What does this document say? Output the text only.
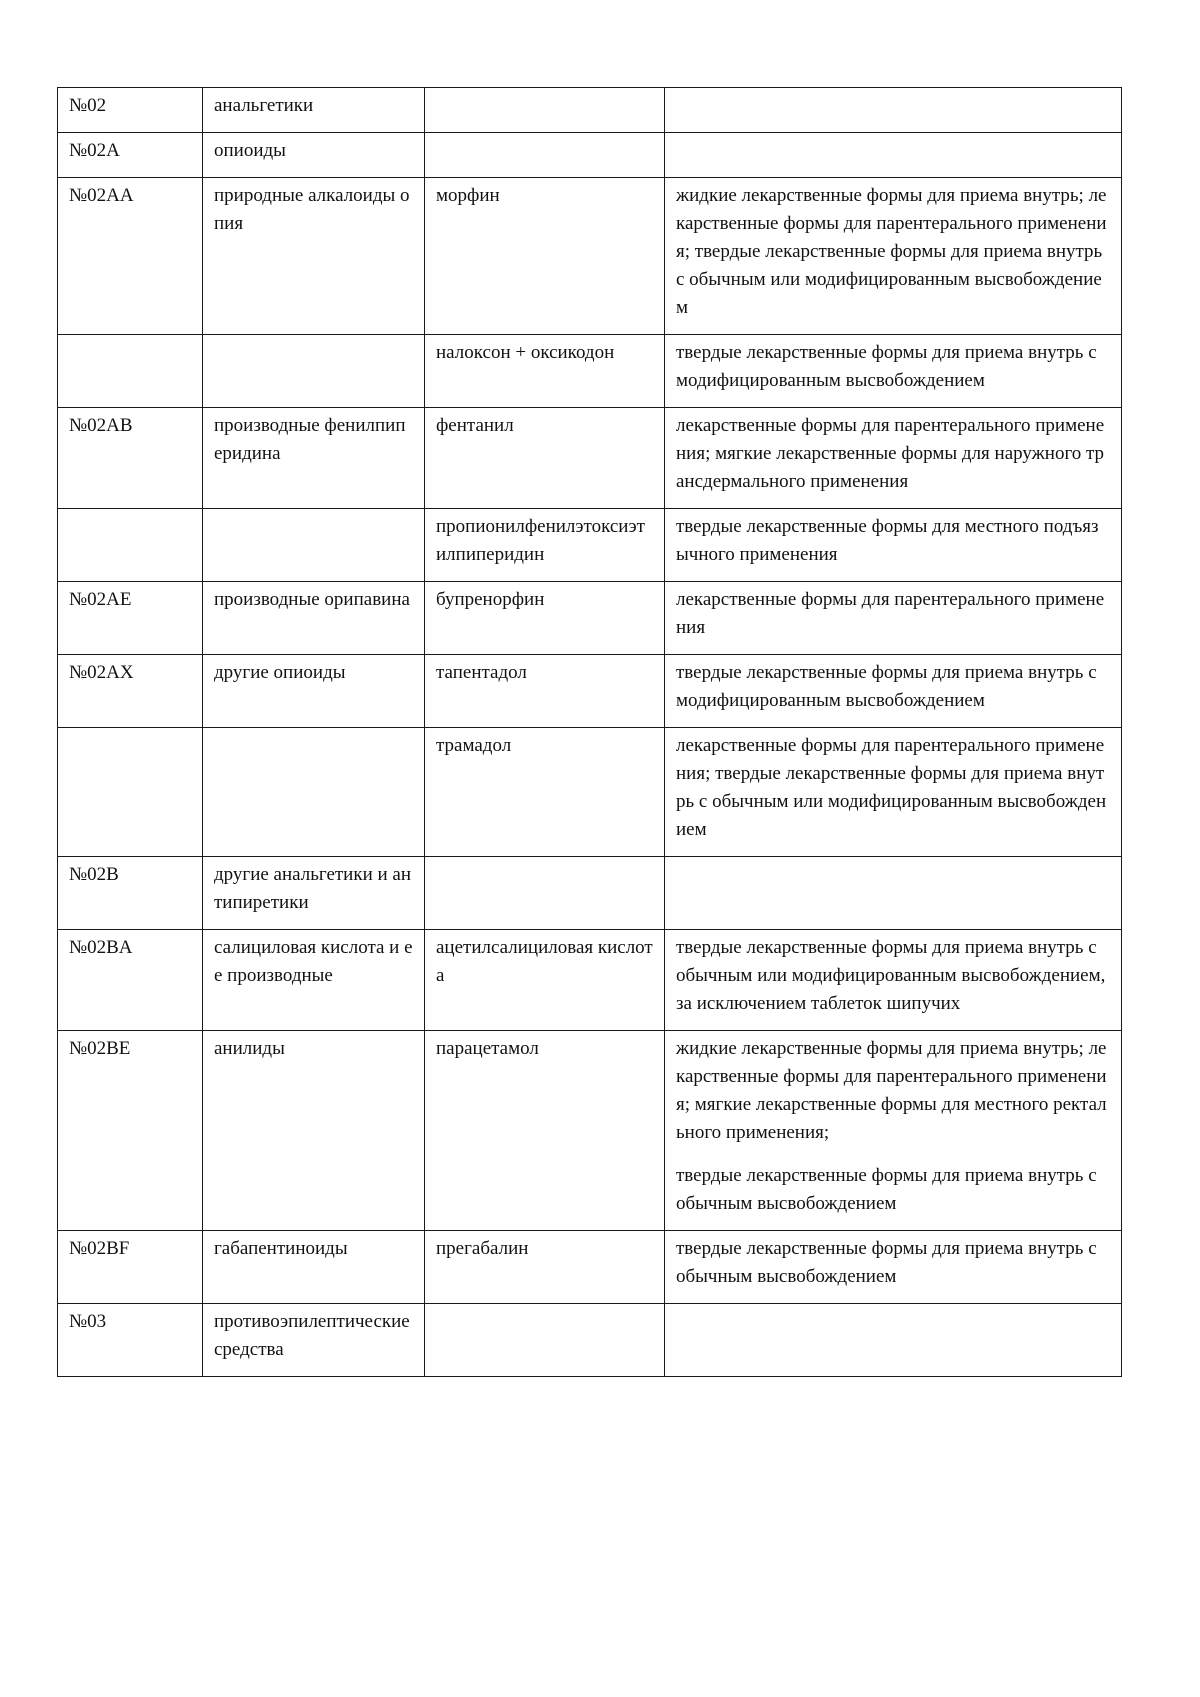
№02	анальгетики		
№02A	опиоиды		
№02AA	природные алкалоиды опия	морфин	жидкие лекарственные формы для приема внутрь; лекарственные формы для парентерального применения; твердые лекарственные формы для приема внутрь с обычным или модифицированным высвобождением

		налоксон + оксикодон	твердые лекарственные формы для приема внутрь с модифицированным высвобождением

№02AB	производные фенилпиперидина	фентанил	лекарственные формы для парентерального применения; мягкие лекарственные формы для наружного трансдермального применения

		пропионилфенилэтоксиэтилпиперидин	твердые лекарственные формы для местного подъязычного применения

№02AE	производные орипавина	бупренорфин	лекарственные формы для парентерального применения

№02AX	другие опиоиды	тапентадол	твердые лекарственные формы для приема внутрь с модифицированным высвобождением

		трамадол	лекарственные формы для парентерального применения; твердые лекарственные формы для приема внутрь с обычным или модифицированным высвобождением

№02B	другие анальгетики и антипиретики		
№02BA	салициловая кислота и ее производные	ацетилсалициловая кислота	твердые лекарственные формы для приема внутрь с обычным или модифицированным высвобождением, за исключением таблеток шипучих

№02BE	анилиды	парацетамол	жидкие лекарственные формы для приема внутрь; лекарственные формы для парентерального применения; мягкие лекарственные формы для местного ректального применения;
твердые лекарственные формы для приема внутрь с обычным высвобождением

№02BF	габапентиноиды	прегабалин	твердые лекарственные формы для приема внутрь с обычным высвобождением

№03	противоэпилептические средства		
